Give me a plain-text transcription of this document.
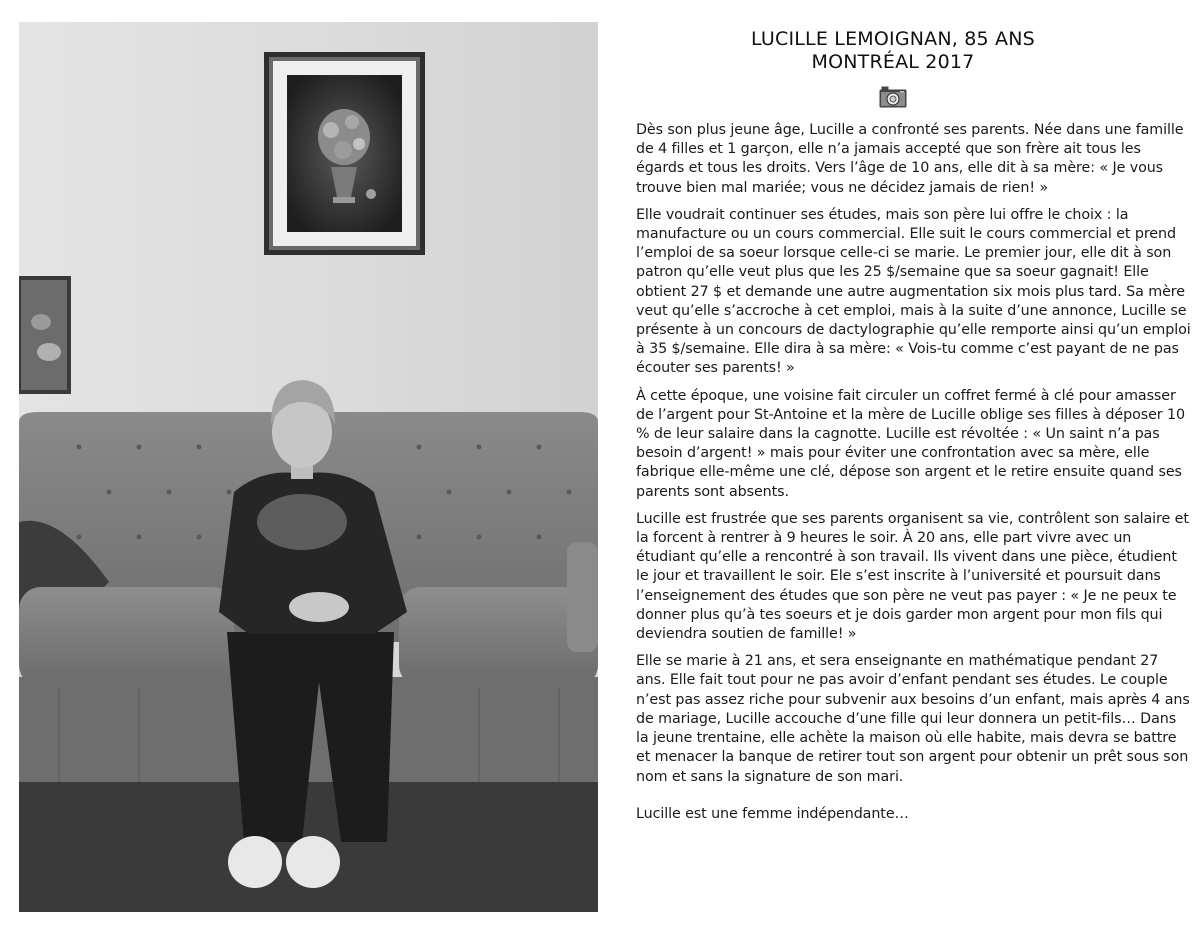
LUCILLE LEMOIGNAN, 85 ANS
MONTRÉAL 2017

Dès son plus jeune âge, Lucille a confronté ses parents. Née dans une famille de 4 filles et 1 garçon, elle n’a jamais accepté que son frère ait tous les égards et tous les droits. Vers l’âge de 10 ans, elle dit à sa mère: « Je vous trouve bien mal mariée; vous ne décidez jamais de rien! »

Elle voudrait continuer ses études, mais son père lui offre le choix : la manufacture ou un cours commercial. Elle suit le cours commercial et prend l’emploi de sa soeur lorsque celle-ci se marie. Le premier jour, elle dit à son patron qu’elle veut plus que les 25 $/semaine que sa soeur gagnait! Elle obtient 27 $ et demande une autre augmentation six mois plus tard. Sa mère veut qu’elle s’accroche à cet emploi, mais à la suite d’une annonce, Lucille se présente à un concours de dactylographie qu’elle remporte ainsi qu’un emploi à 35 $/semaine. Elle dira à sa mère: « Vois-tu comme c’est payant de ne pas écouter ses parents! »

À cette époque, une voisine fait circuler un coffret fermé à clé pour amasser de l’argent pour St-Antoine et la mère de Lucille oblige ses filles à déposer 10 % de leur salaire dans la cagnotte. Lucille est révoltée : « Un saint n’a pas besoin d’argent! » mais pour éviter une confrontation avec sa mère, elle fabrique elle-même une clé, dépose son argent et le retire ensuite quand ses parents sont absents.

Lucille est frustrée que ses parents organisent sa vie, contrôlent son salaire et la forcent à rentrer à 9 heures le soir. À 20 ans, elle part vivre avec un étudiant qu’elle a rencontré à son travail. Ils vivent dans une pièce, étudient le jour et travaillent le soir. Ele s’est inscrite à l’université et poursuit dans l’enseignement des études que son père ne veut pas payer : « Je ne peux te donner plus qu’à tes soeurs et je dois garder mon argent pour mon fils qui deviendra soutien de famille! »

Elle se marie à 21 ans, et sera enseignante en mathématique pendant 27 ans. Elle fait tout pour ne pas avoir d’enfant pendant ses études. Le couple n’est pas assez riche pour subvenir aux besoins d’un enfant, mais après 4 ans de mariage, Lucille accouche d’une fille qui leur donnera un petit-fils… Dans la jeune trentaine, elle achète la maison où elle habite, mais devra se battre et menacer la banque de retirer tout son argent pour obtenir un prêt sous son nom et sans la signature de son mari.

Lucille est une femme indépendante…
